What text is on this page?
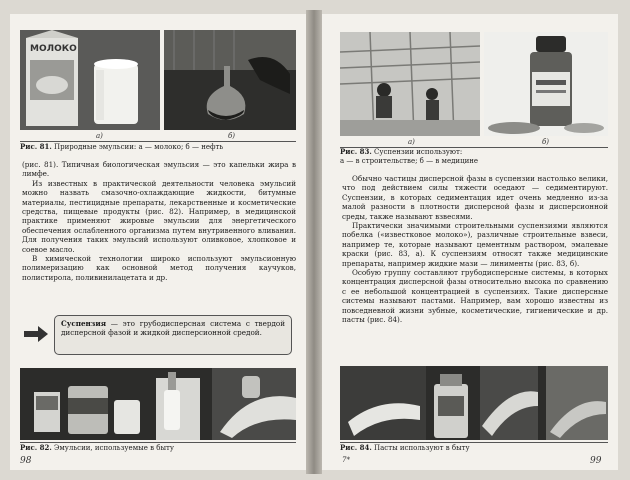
МОЛОКО
а)	б)
Рис. 81. Природные эмульсии: а — молоко; б — нефть

(рис. 81). Типичная биологическая эмульсия — это капельки жира в лимфе.

Из известных в практической деятельности человека эмульсий можно назвать смазочно-охлаждающие жидкости, битумные материалы, пестицидные препараты, лекарственные и косметические средства, пищевые продукты (рис. 82). Например, в медицинской практике применяют жировые эмульсии для энергетического обеспечения ослабленного организма путем внутривенного вливания. Для получения таких эмульсий используют оливковое, хлопковое и соевое масло.

В химической технологии широко используют эмульсионную полимеризацию как основной метод получения каучуков, полистирола, поливинилацетата и др.

Суспензия — это грубодисперсная система с твердой дисперсной фазой и жидкой дисперсионной средой.
Рис. 82. Эмульсии, используемые в быту
98
а)	б)
Рис. 83. Суспензии используют:
а — в строительстве; б — в медицине

Обычно частицы дисперсной фазы в суспензии настолько велики, что под действием силы тяжести оседают — седиментируют. Суспензии, в которых седиментация идет очень медленно из-за малой разности в плотности дисперсной фазы и дисперсионной среды, также называют взвесями.

Практически значимыми строительными суспензиями являются побелка («известковое молоко»), различные строительные взвеси, например те, которые называют цементным раствором, эмалевые краски (рис. 83, а). К суспензиям относят также медицинские препараты, например жидкие мази — линименты (рис. 83, б).

Особую группу составляют грубодисперсные системы, в которых концентрация дисперсной фазы относительно высока по сравнению с ее небольшой концентрацией в суспензиях. Такие дисперсные системы называют пастами. Например, вам хорошо известны из повседневной жизни зубные, косметические, гигиенические и др. пасты (рис. 84).

Рис. 84. Пасты используют в быту
7*	99
